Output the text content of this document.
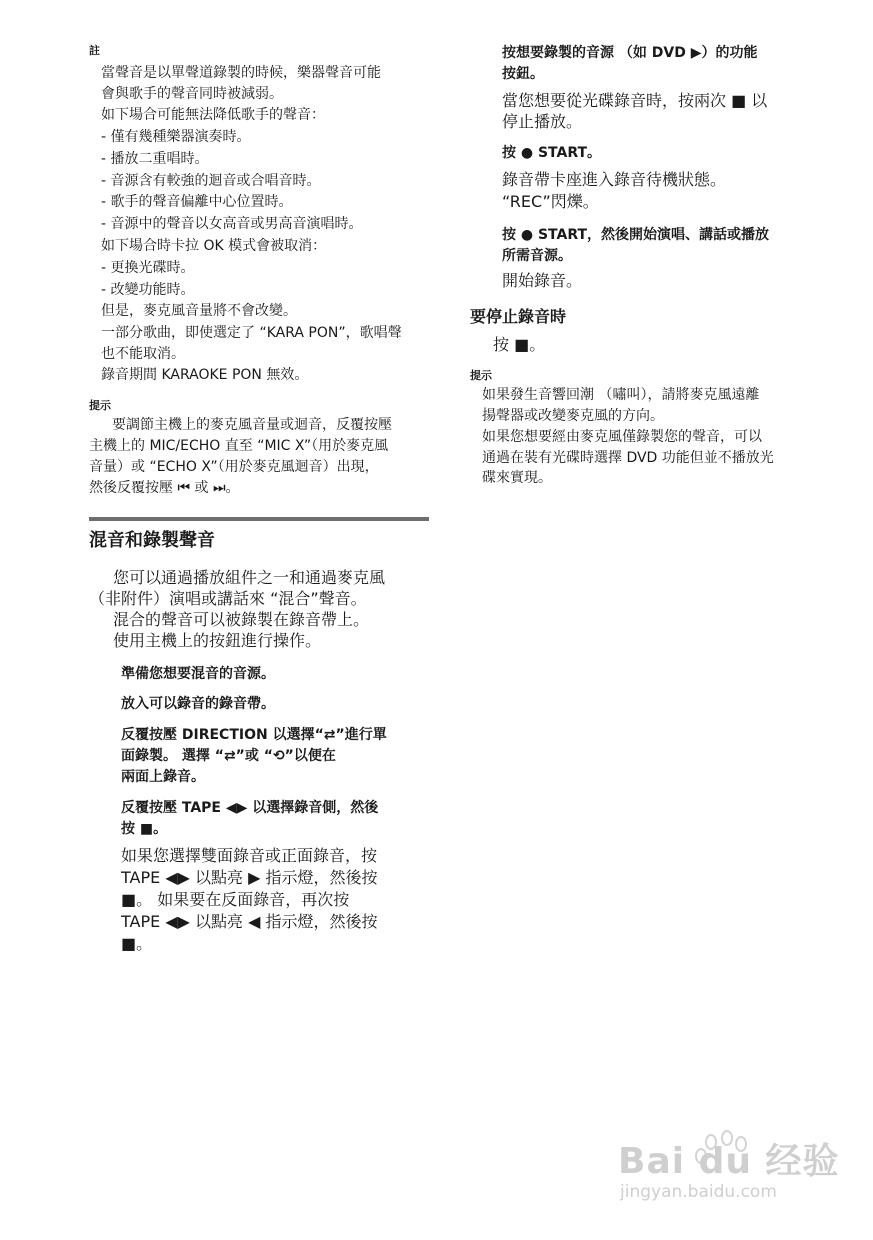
註
當聲音是以單聲道錄製的時候，樂器聲音可能
會與歌手的聲音同時被減弱。
如下場合可能無法降低歌手的聲音：
- 僅有幾種樂器演奏時。
- 播放二重唱時。
- 音源含有較強的迴音或合唱音時。
- 歌手的聲音偏離中心位置時。
- 音源中的聲音以女高音或男高音演唱時。
如下場合時卡拉 OK 模式會被取消：
- 更換光碟時。
- 改變功能時。
但是，麥克風音量將不會改變。
一部分歌曲，即使選定了 “KARA PON”，歌唱聲
也不能取消。
錄音期間 KARAOKE PON 無效。
提示
要調節主機上的麥克風音量或迴音，反覆按壓
主機上的 MIC/ECHO 直至 “MIC X”（用於麥克風
音量）或 “ECHO X”（用於麥克風迴音）出現，
然後反覆按壓 ⏮ 或 ⏭。
混音和錄製聲音
您可以通過播放組件之一和通過麥克風
（非附件）演唱或講話來 “混合”聲音。
混合的聲音可以被錄製在錄音帶上。
使用主機上的按鈕進行操作。
準備您想要混音的音源。
放入可以錄音的錄音帶。
反覆按壓 DIRECTION 以選擇“⇄”進行單
面錄製。 選擇 “⇄”或 “⟲”以便在
兩面上錄音。
反覆按壓 TAPE ◀▶ 以選擇錄音側，然後
按 ■。
如果您選擇雙面錄音或正面錄音，按
TAPE ◀▶ 以點亮 ▶ 指示燈，然後按
■。 如果要在反面錄音，再次按
TAPE ◀▶ 以點亮 ◀ 指示燈，然後按
■。
按想要錄製的音源 （如 DVD ▶）的功能
按鈕。
當您想要從光碟錄音時，按兩次 ■ 以
停止播放。
按 ● START。
錄音帶卡座進入錄音待機狀態。
“REC”閃爍。
按 ● START，然後開始演唱、講話或播放
所需音源。
開始錄音。
要停止錄音時
按 ■。
提示
如果發生音響回潮 （嘯叫），請將麥克風遠離
揚聲器或改變麥克風的方向。
如果您想要經由麥克風僅錄製您的聲音，可以
通過在裝有光碟時選擇 DVD 功能但並不播放光
碟來實現。
Bai du 经验
jingyan.baidu.com
